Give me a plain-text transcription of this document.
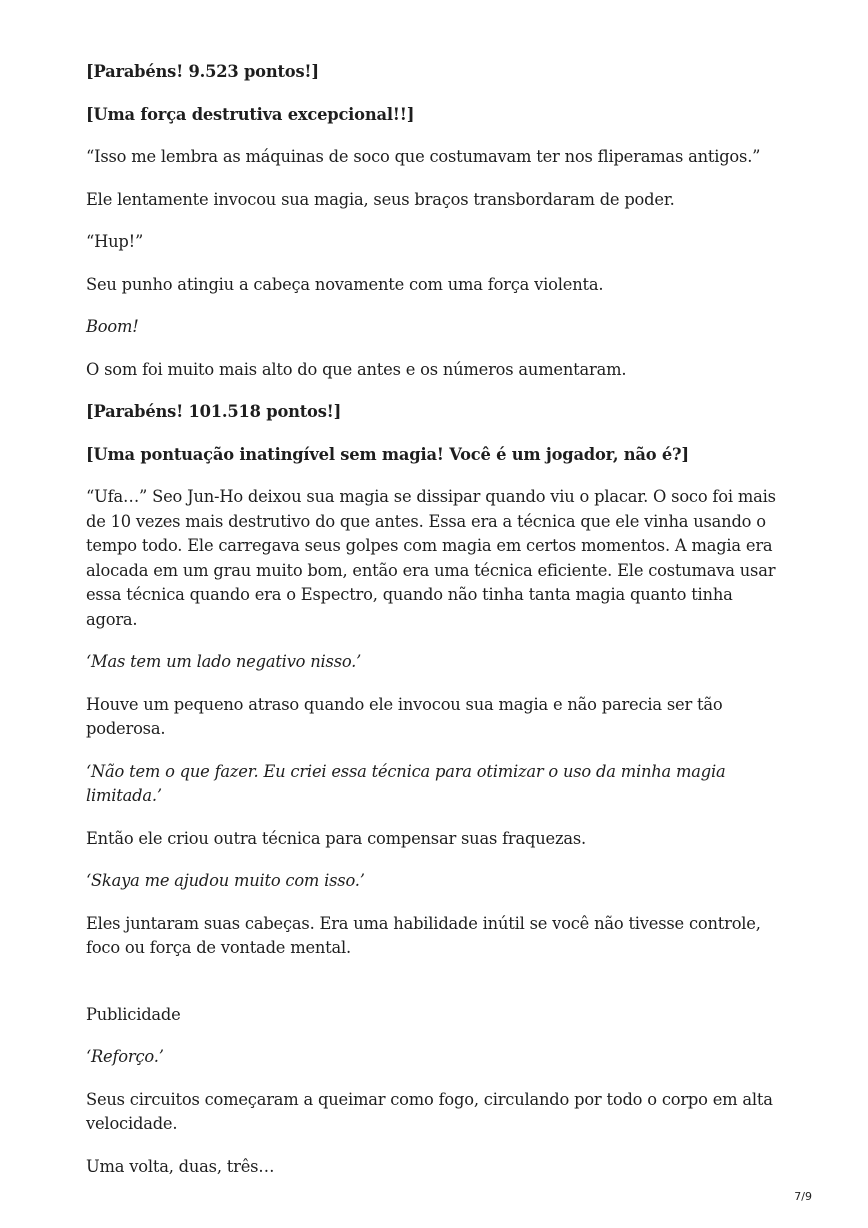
[Parabéns! 9.523 pontos!]

[Uma força destrutiva excepcional!!]

“Isso me lembra as máquinas de soco que costumavam ter nos fliperamas antigos.”

Ele lentamente invocou sua magia, seus braços transbordaram de poder.

“Hup!”

Seu punho atingiu a cabeça novamente com uma força violenta.

Boom!

O som foi muito mais alto do que antes e os números aumentaram.

[Parabéns! 101.518 pontos!]

[Uma pontuação inatingível sem magia! Você é um jogador, não é?]

“Ufa…” Seo Jun-Ho deixou sua magia se dissipar quando viu o placar. O soco foi mais de 10 vezes mais destrutivo do que antes. Essa era a técnica que ele vinha usando o tempo todo. Ele carregava seus golpes com magia em certos momentos. A magia era alocada em um grau muito bom, então era uma técnica eficiente. Ele costumava usar essa técnica quando era o Espectro, quando não tinha tanta magia quanto tinha agora.

‘Mas tem um lado negativo nisso.’

Houve um pequeno atraso quando ele invocou sua magia e não parecia ser tão poderosa.

‘Não tem o que fazer. Eu criei essa técnica para otimizar o uso da minha magia limitada.’

Então ele criou outra técnica para compensar suas fraquezas.

‘Skaya me ajudou muito com isso.’

Eles juntaram suas cabeças. Era uma habilidade inútil se você não tivesse controle, foco ou força de vontade mental.

Publicidade

‘Reforço.’

Seus circuitos começaram a queimar como fogo, circulando por todo o corpo em alta velocidade.

Uma volta, duas, três…

7/9
